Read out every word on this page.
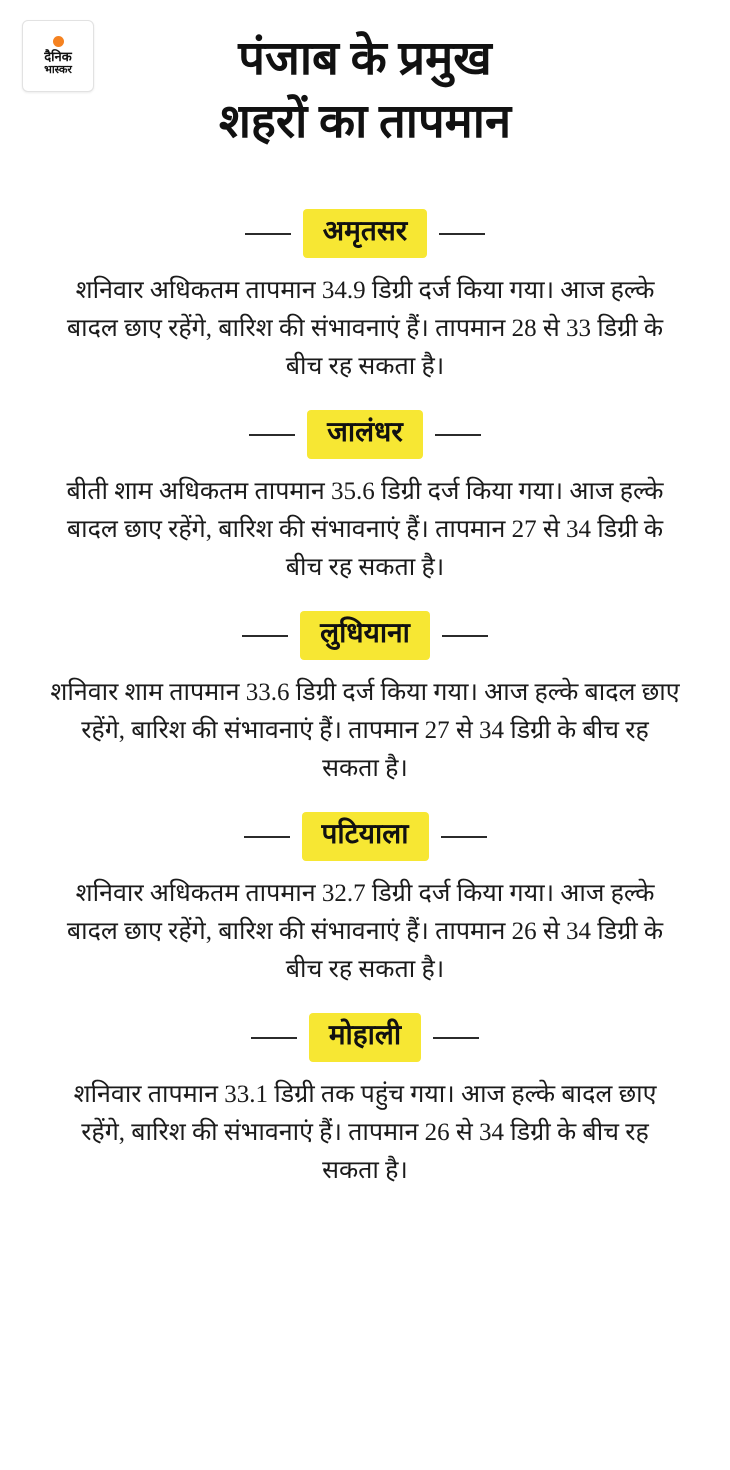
दैनिक
भास्कर	पंजाब के प्रमुख
शहरों का तापमान
अमृतसर
शनिवार अधिकतम तापमान 34.9 डिग्री दर्ज किया गया। आज हल्के बादल छाए रहेंगे, बारिश की संभावनाएं हैं। तापमान 28 से 33 डिग्री के बीच रह सकता है।
जालंधर
बीती शाम अधिकतम तापमान 35.6 डिग्री दर्ज किया गया। आज हल्के बादल छाए रहेंगे, बारिश की संभावनाएं हैं। तापमान 27 से 34 डिग्री के बीच रह सकता है।
लुधियाना
शनिवार शाम तापमान 33.6 डिग्री दर्ज किया गया। आज हल्के बादल छाए रहेंगे, बारिश की संभावनाएं हैं। तापमान 27 से 34 डिग्री के बीच रह सकता है।
पटियाला
शनिवार अधिकतम तापमान 32.7 डिग्री दर्ज किया गया। आज हल्के बादल छाए रहेंगे, बारिश की संभावनाएं हैं। तापमान 26 से 34 डिग्री के बीच रह सकता है।
मोहाली
शनिवार तापमान 33.1 डिग्री तक पहुंच गया। आज हल्के बादल छाए रहेंगे, बारिश की संभावनाएं हैं। तापमान 26 से 34 डिग्री के बीच रह सकता है।
